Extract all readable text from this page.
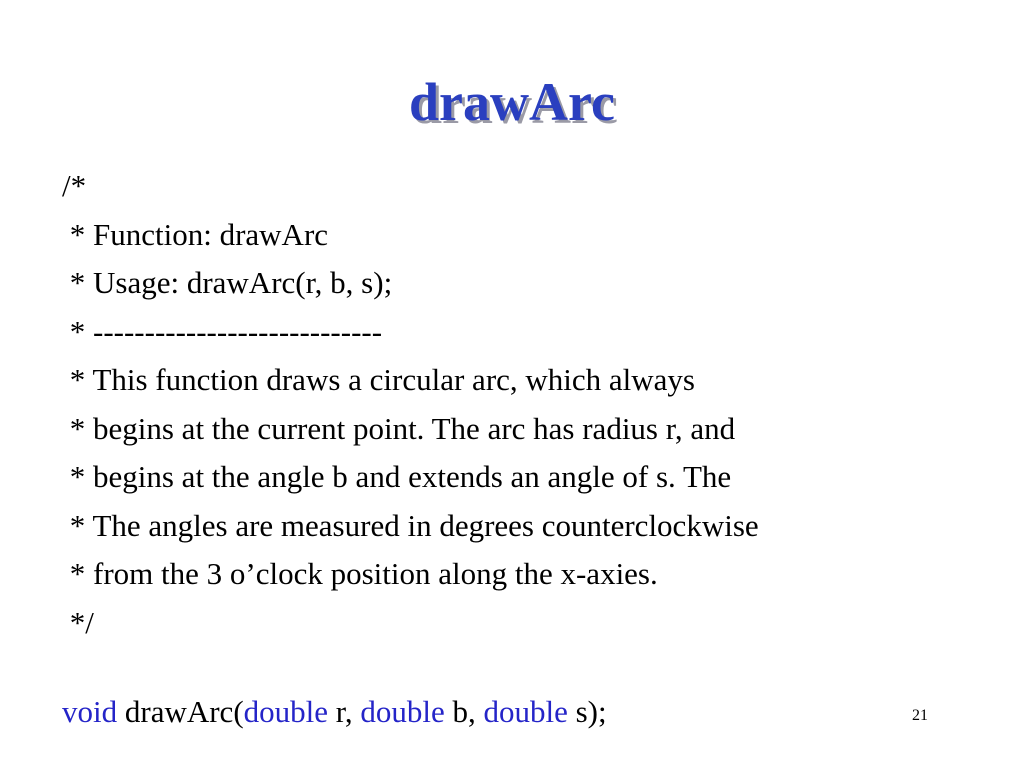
drawArc
/*
* Function: drawArc
* Usage: drawArc(r, b, s);
* ----------------------------
* This function draws a circular arc, which always
* begins at the current point. The arc has radius r, and
* begins at the angle b and extends an angle of s. The
* The angles are measured in degrees counterclockwise
* from the 3 o’clock position along the x-axies.
*/
void drawArc(double r, double b, double s);	21
